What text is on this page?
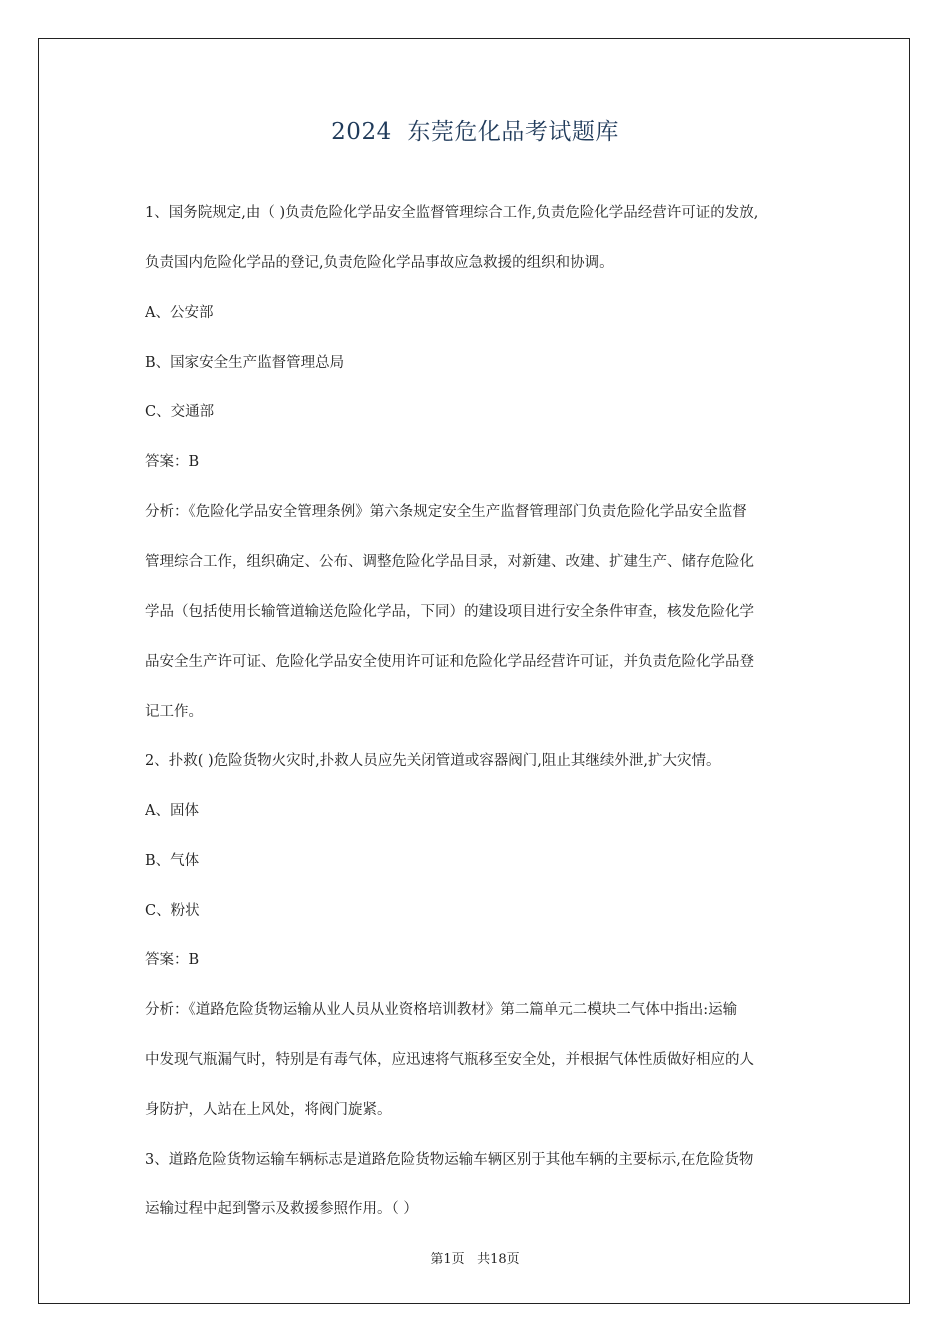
2024  东莞危化品考试题库
1、国务院规定,由（ )负责危险化学品安全监督管理综合工作,负责危险化学品经营许可证的发放,
负责国内危险化学品的登记,负责危险化学品事故应急救援的组织和协调。
A、公安部
B、国家安全生产监督管理总局
C、交通部
答案：B
分析：《危险化学品安全管理条例》第六条规定安全生产监督管理部门负责危险化学品安全监督
管理综合工作，组织确定、公布、调整危险化学品目录，对新建、改建、扩建生产、储存危险化
学品（包括使用长输管道输送危险化学品，下同）的建设项目进行安全条件审查，核发危险化学
品安全生产许可证、危险化学品安全使用许可证和危险化学品经营许可证，并负责危险化学品登
记工作。
2、扑救( )危险货物火灾时,扑救人员应先关闭管道或容器阀门,阻止其继续外泄,扩大灾情。
A、固体
B、气体
C、粉状
答案：B
分析：《道路危险货物运输从业人员从业资格培训教材》第二篇单元二模块二气体中指出:运输
中发现气瓶漏气时，特别是有毒气体，应迅速将气瓶移至安全处，并根据气体性质做好相应的人
身防护，人站在上风处，将阀门旋紧。
3、道路危险货物运输车辆标志是道路危险货物运输车辆区别于其他车辆的主要标示,在危险货物
运输过程中起到警示及救援参照作用。（ ）
第1页 共18页
